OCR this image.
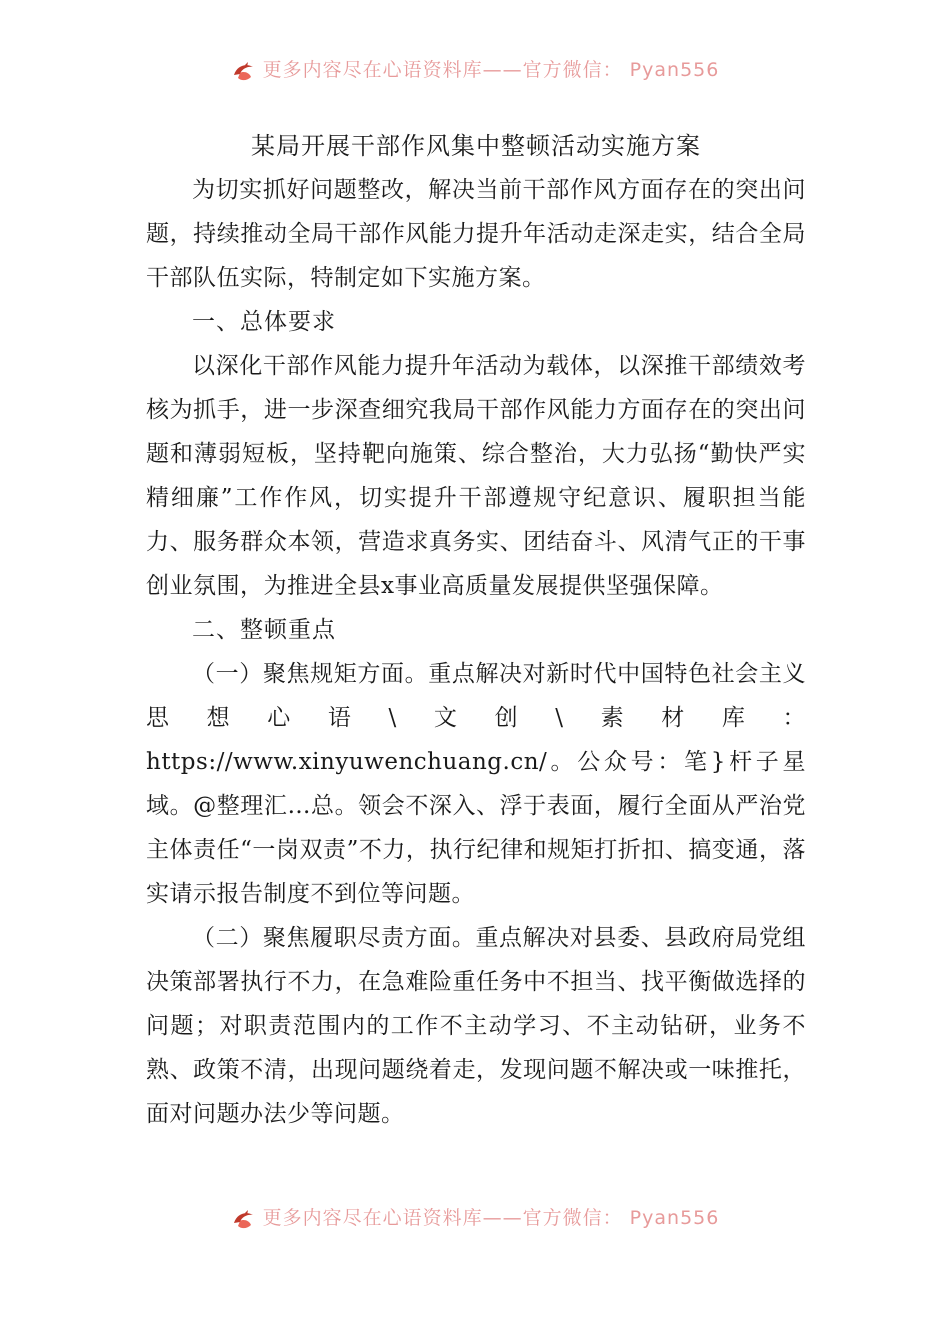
更多内容尽在心语资料库——官方微信： Pyan556
某局开展干部作风集中整顿活动实施方案

为切实抓好问题整改，解决当前干部作风方面存在的突出问题，持续推动全局干部作风能力提升年活动走深走实，结合全局干部队伍实际，特制定如下实施方案。

一、总体要求

以深化干部作风能力提升年活动为载体，以深推干部绩效考核为抓手，进一步深查细究我局干部作风能力方面存在的突出问题和薄弱短板，坚持靶向施策、综合整治，大力弘扬“勤快严实精细廉”工作作风，切实提升干部遵规守纪意识、履职担当能力、服务群众本领，营造求真务实、团结奋斗、风清气正的干事创业氛围，为推进全县x事业高质量发展提供坚强保障。

二、整顿重点

（一）聚焦规矩方面。重点解决对新时代中国特色社会主义思想心语\文创\素材库：https://www.xinyuwenchuang.cn/。公众号：笔}杆子星域。@整理汇…总。领会不深入、浮于表面，履行全面从严治党主体责任“一岗双责”不力，执行纪律和规矩打折扣、搞变通，落实请示报告制度不到位等问题。

（二）聚焦履职尽责方面。重点解决对县委、县政府局党组决策部署执行不力，在急难险重任务中不担当、找平衡做选择的问题；对职责范围内的工作不主动学习、不主动钻研，业务不熟、政策不清，出现问题绕着走，发现问题不解决或一味推托，面对问题办法少等问题。

更多内容尽在心语资料库——官方微信： Pyan556
